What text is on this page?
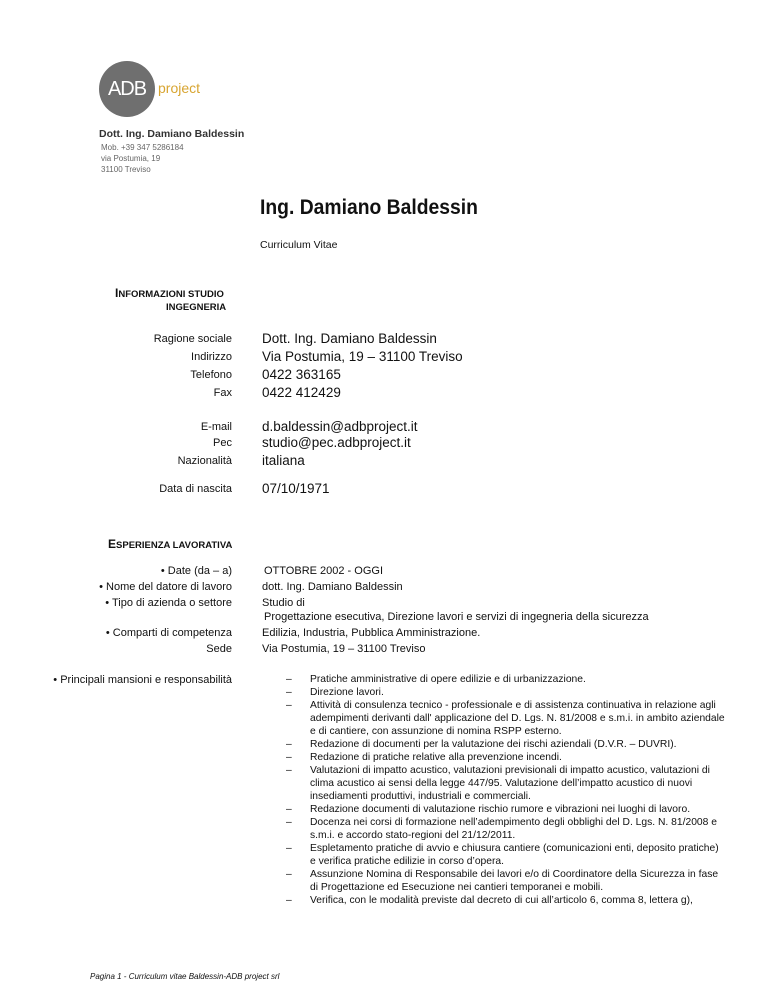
ADB project
Dott. Ing. Damiano Baldessin
Mob. +39 347 5286184
via Postumia, 19
31100 Treviso
Ing. Damiano Baldessin
Curriculum Vitae
INFORMAZIONI STUDIO
INGEGNERIA
Ragione sociale Dott. Ing. Damiano Baldessin
Indirizzo Via Postumia, 19 – 31100 Treviso
Telefono 0422 363165
Fax 0422 412429
E-mail d.baldessin@adbproject.it
Pec studio@pec.adbproject.it
Nazionalità italiana
Data di nascita 07/10/1971
ESPERIENZA LAVORATIVA
• Date (da – a)	OTTOBRE 2002 - OGGI
• Nome del datore di lavoro	dott. Ing. Damiano Baldessin
• Tipo di azienda o settore	Studio di
Progettazione esecutiva, Direzione lavori e servizi di ingegneria della sicurezza
• Comparti di competenza	Edilizia, Industria, Pubblica Amministrazione.
Sede	Via Postumia, 19 – 31100 Treviso
• Principali mansioni e responsabilità
–	Pratiche amministrative di opere edilizie e di urbanizzazione.
– Direzione lavori.
– Attività di consulenza tecnico - professionale e di assistenza continuativa in relazione agli adempimenti derivanti dall' applicazione del D. Lgs. N. 81/2008 e s.m.i. in ambito aziendale e di cantiere, con assunzione di nomina RSPP esterno.
– Redazione di documenti per la valutazione dei rischi aziendali (D.V.R. – DUVRI).
– Redazione di pratiche relative alla prevenzione incendi.
– Valutazioni di impatto acustico, valutazioni previsionali di impatto acustico, valutazioni di clima acustico ai sensi della legge 447/95. Valutazione dell’impatto acustico di nuovi insediamenti produttivi, industriali e commerciali.
– Redazione documenti di valutazione rischio rumore e vibrazioni nei luoghi di lavoro.
– Docenza nei corsi di formazione nell’adempimento degli obblighi del D. Lgs. N. 81/2008 e s.m.i. e accordo stato-regioni del 21/12/2011.
– Espletamento pratiche di avvio e chiusura cantiere (comunicazioni enti, deposito pratiche) e verifica pratiche edilizie in corso d’opera.
– Assunzione Nomina di Responsabile dei lavori e/o di Coordinatore della Sicurezza in fase di Progettazione ed Esecuzione nei cantieri temporanei e mobili.
– Verifica, con le modalità previste dal decreto di cui all’articolo 6, comma 8, lettera g),
Pagina 1 - Curriculum vitae Baldessin-ADB project srl
